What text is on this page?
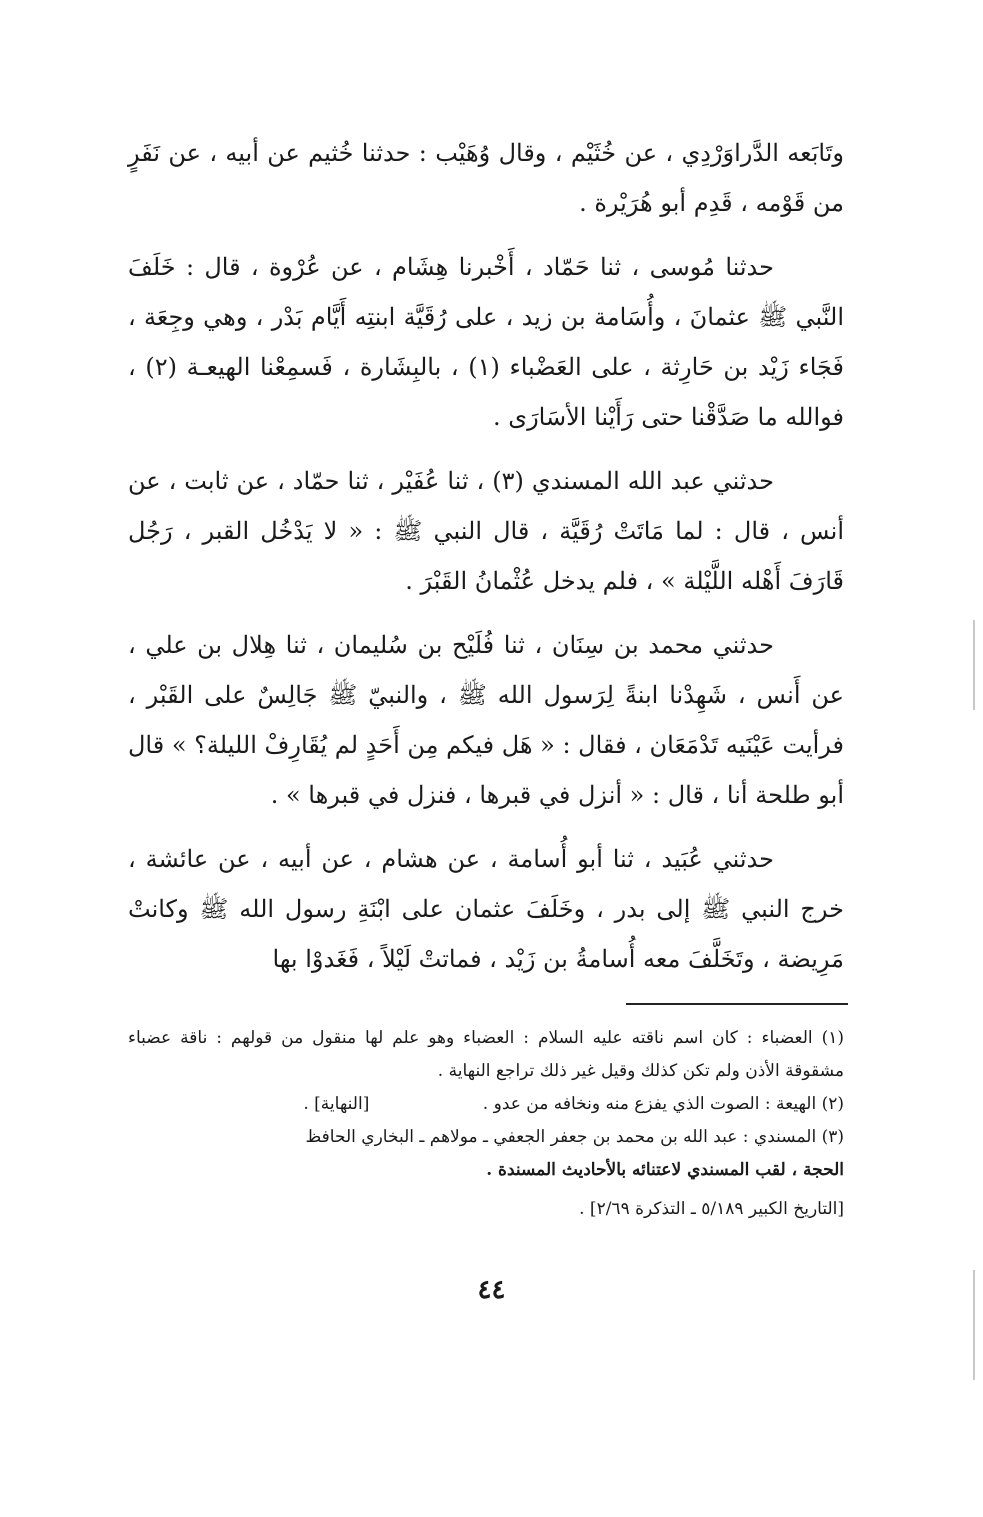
وتَابَعه الدَّراوَرْدِي ، عن خُثَيْم ، وقال وُهَيْب : حدثنا خُثيم عن أبيه ، عن نَفَرٍ من قَوْمه ، قَدِم أبو هُرَيْرة .

حدثنا مُوسى ، ثنا حَمّاد ، أَخْبرنا هِشَام ، عن عُرْوة ، قال : خَلَفَ النَّبي ﷺ عثمانَ ، وأُسَامة بن زيد ، على رُقَيَّة ابنتِه أَيَّام بَدْر ، وهي وجِعَة ، فَجَاء زَيْد بن حَارِثة ، على العَضْباء (١) ، بالبِشَارة ، فَسمِعْنا الهيعـة (٢) ، فوالله ما صَدَّقْنا حتى رَأَيْنا الأسَارَى .

حدثني عبد الله المسندي (٣) ، ثنا عُفَيْر ، ثنا حمّاد ، عن ثابت ، عن أنس ، قال : لما مَاتَتْ رُقَيَّة ، قال النبي ﷺ : « لا يَدْخُل القبر ، رَجُل قَارَفَ أَهْله اللَّيْلة » ، فلم يدخل عُثْمانُ القَبْرَ .

حدثني محمد بن سِنَان ، ثنا فُلَيْح بن سُليمان ، ثنا هِلال بن علي ، عن أَنس ، شَهِدْنا ابنةً لِرَسول الله ﷺ ، والنبيّ ﷺ جَالِسٌ على القَبْر ، فرأيت عَيْنَيه تَدْمَعَان ، فقال : « هَل فيكم مِن أَحَدٍ لم يُقَارِفْ الليلة؟ » قال أبو طلحة أنا ، قال : « أنزل في قبرها ، فنزل في قبرها » .

حدثني عُبَيد ، ثنا أبو أُسامة ، عن هشام ، عن أبيه ، عن عائشة ، خرج النبي ﷺ إلى بدر ، وخَلَفَ عثمان على ابْنَةِ رسول الله ﷺ وكانتْ مَرِيضة ، وتَخَلَّفَ معه أُسامةُ بن زَيْد ، فماتتْ لَيْلاً ، فَغَدوْا بها

(١) العضباء : كان اسم ناقته عليه السلام : العضباء وهو علم لها منقول من قولهم : ناقة عضباء مشقوقة الأذن ولم تكن كذلك وقيل غير ذلك تراجع النهاية .

(٢) الهيعة : الصوت الذي يفزع منه ونخافه من عدو .                     [النهاية] .

(٣) المسندي : عبد الله بن محمد بن جعفر الجعفي ـ مولاهم ـ البخاري الحافظ

الحجة ، لقب المسندي لاعتنائه بالأحاديث المسندة .

[التاريخ الكبير ٥/١٨٩ ـ التذكرة ٢/٦٩] .

٤٤
